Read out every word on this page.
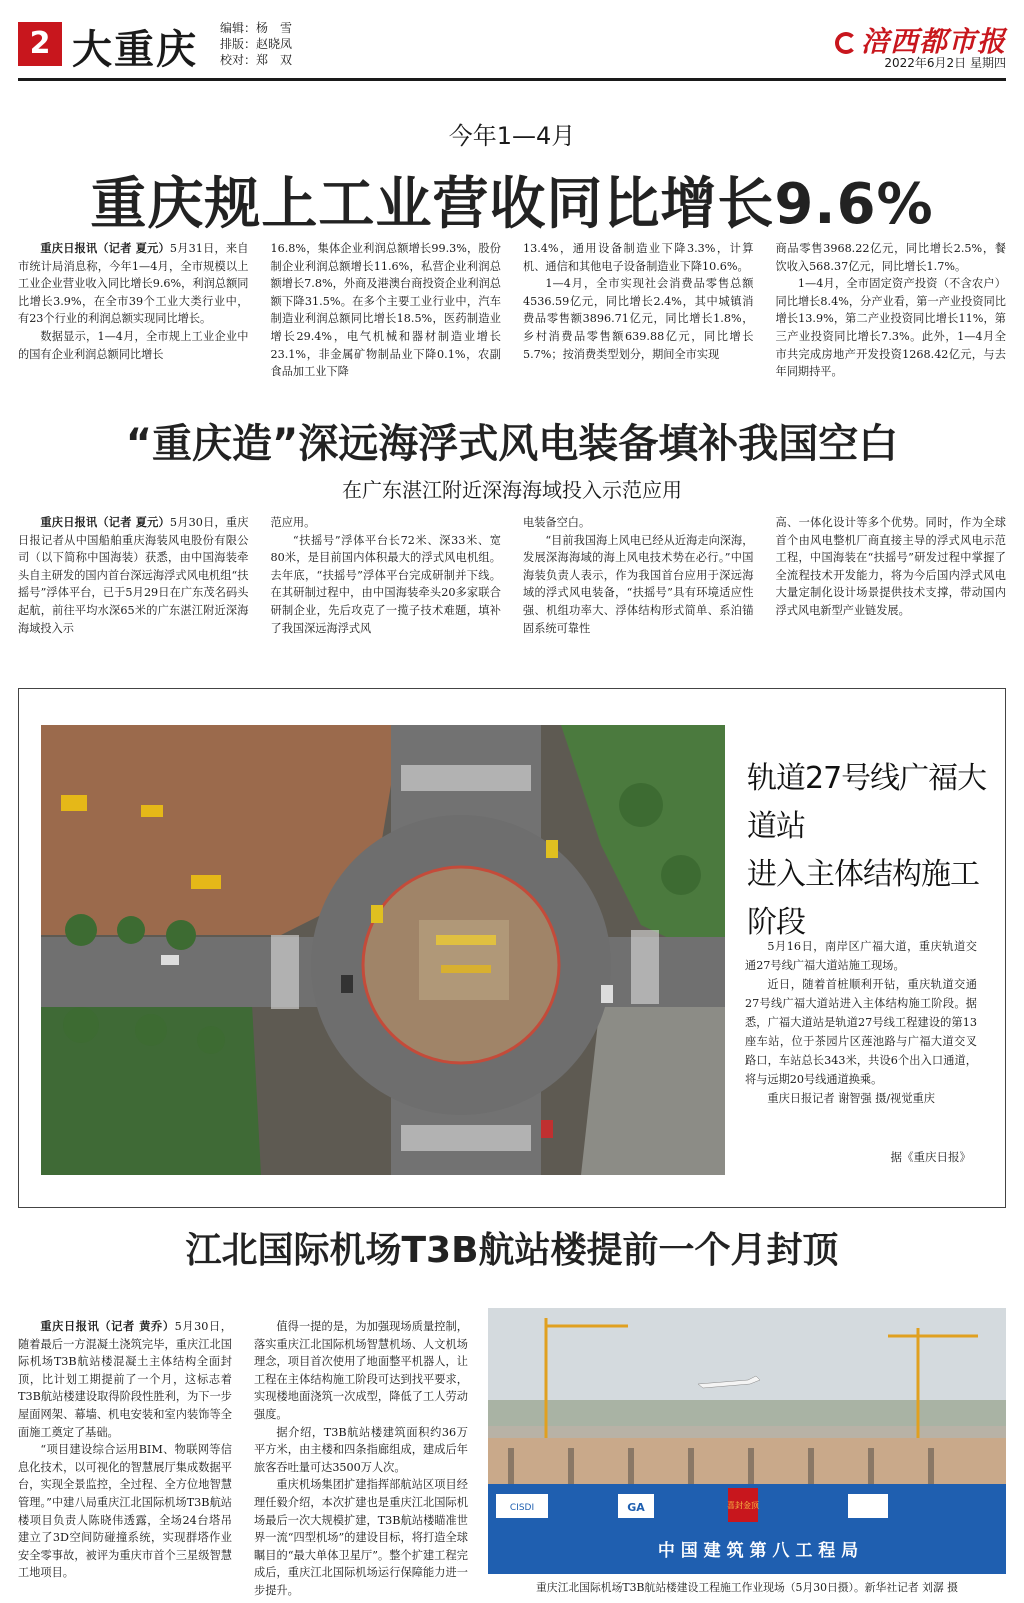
2 大重庆 编辑：杨　雪
排版：赵晓凤
校对：郑　双
涪西都市报
2022年6月2日 星期四
今年1—4月
重庆规上工业营收同比增长9.6%

重庆日报讯（记者 夏元）5月31日，来自市统计局消息称，今年1—4月，全市规模以上工业企业营业收入同比增长9.6%，利润总额同比增长3.9%，在全市39个工业大类行业中，有23个行业的利润总额实现同比增长。

数据显示，1—4月，全市规上工业企业中的国有企业利润总额同比增长

16.8%，集体企业利润总额增长99.3%，股份制企业利润总额增长11.6%，私营企业利润总额增长7.8%，外商及港澳台商投资企业利润总额下降31.5%。在多个主要工业行业中，汽车制造业利润总额同比增长18.5%，医药制造业增长29.4%，电气机械和器材制造业增长23.1%，非金属矿物制品业下降0.1%，农副食品加工业下降

13.4%，通用设备制造业下降3.3%，计算机、通信和其他电子设备制造业下降10.6%。

1—4月，全市实现社会消费品零售总额4536.59亿元，同比增长2.4%，其中城镇消费品零售额3896.71亿元，同比增长1.8%，乡村消费品零售额639.88亿元，同比增长5.7%；按消费类型划分，期间全市实现

商品零售3968.22亿元，同比增长2.5%，餐饮收入568.37亿元，同比增长1.7%。

1—4月，全市固定资产投资（不含农户）同比增长8.4%，分产业看，第一产业投资同比增长13.9%，第二产业投资同比增长11%，第三产业投资同比增长7.3%。此外，1—4月全市共完成房地产开发投资1268.42亿元，与去年同期持平。

“重庆造”深远海浮式风电装备填补我国空白
在广东湛江附近深海海域投入示范应用

重庆日报讯（记者 夏元）5月30日，重庆日报记者从中国船舶重庆海装风电股份有限公司（以下简称中国海装）获悉，由中国海装牵头自主研发的国内首台深远海浮式风电机组“扶摇号”浮体平台，已于5月29日在广东茂名码头起航，前往平均水深65米的广东湛江附近深海海域投入示

范应用。

“扶摇号”浮体平台长72米、深33米、宽80米，是目前国内体积最大的浮式风电机组。去年底，“扶摇号”浮体平台完成研制并下线。在其研制过程中，由中国海装牵头20多家联合研制企业，先后攻克了一揽子技术难题，填补了我国深远海浮式风

电装备空白。

“目前我国海上风电已经从近海走向深海，发展深海海域的海上风电技术势在必行。”中国海装负责人表示，作为我国首台应用于深远海域的浮式风电装备，“扶摇号”具有环境适应性强、机组功率大、浮体结构形式简单、系泊锚固系统可靠性

高、一体化设计等多个优势。同时，作为全球首个由风电整机厂商直接主导的浮式风电示范工程，中国海装在“扶摇号”研发过程中掌握了全流程技术开发能力，将为今后国内浮式风电大量定制化设计场景提供技术支撑，带动国内浮式风电新型产业链发展。

轨道27号线广福大道站
进入主体结构施工阶段

5月16日，南岸区广福大道，重庆轨道交通27号线广福大道站施工现场。

近日，随着首桩顺利开钻，重庆轨道交通27号线广福大道站进入主体结构施工阶段。据悉，广福大道站是轨道27号线工程建设的第13座车站，位于茶园片区莲池路与广福大道交叉路口，车站总长343米，共设6个出入口通道，将与远期20号线通道换乘。

重庆日报记者 谢智强 摄/视觉重庆

据《重庆日报》
江北国际机场T3B航站楼提前一个月封顶

重庆日报讯（记者 黄乔）5月30日，随着最后一方混凝土浇筑完毕，重庆江北国际机场T3B航站楼混凝土主体结构全面封顶，比计划工期提前了一个月，这标志着T3B航站楼建设取得阶段性胜利，为下一步屋面网架、幕墙、机电安装和室内装饰等全面施工奠定了基础。

“项目建设综合运用BIM、物联网等信息化技术，以可视化的智慧展厅集成数据平台，实现全景监控，全过程、全方位地智慧管理。”中建八局重庆江北国际机场T3B航站楼项目负责人陈晓伟透露，全场24台塔吊建立了3D空间防碰撞系统，实现群塔作业安全零事故，被评为重庆市首个三星级智慧工地项目。

值得一提的是，为加强现场质量控制，落实重庆江北国际机场智慧机场、人文机场理念，项目首次使用了地面整平机器人，让工程在主体结构施工阶段可达到找平要求，实现楼地面浇筑一次成型，降低了工人劳动强度。

据介绍，T3B航站楼建筑面积约36万平方米，由主楼和四条指廊组成，建成后年旅客吞吐量可达3500万人次。

重庆机场集团扩建指挥部航站区项目经理任毅介绍，本次扩建也是重庆江北国际机场最后一次大规模扩建，T3B航站楼瞄准世界一流“四型机场”的建设目标，将打造全球瞩目的“最大单体卫星厅”。整个扩建工程完成后，重庆江北国际机场运行保障能力进一步提升。

CISDI	GA	喜封金顶
中 国 建 筑 第 八 工 程 局
重庆江北国际机场T3B航站楼建设工程施工作业现场（5月30日摄）。新华社记者 刘潺 摄
